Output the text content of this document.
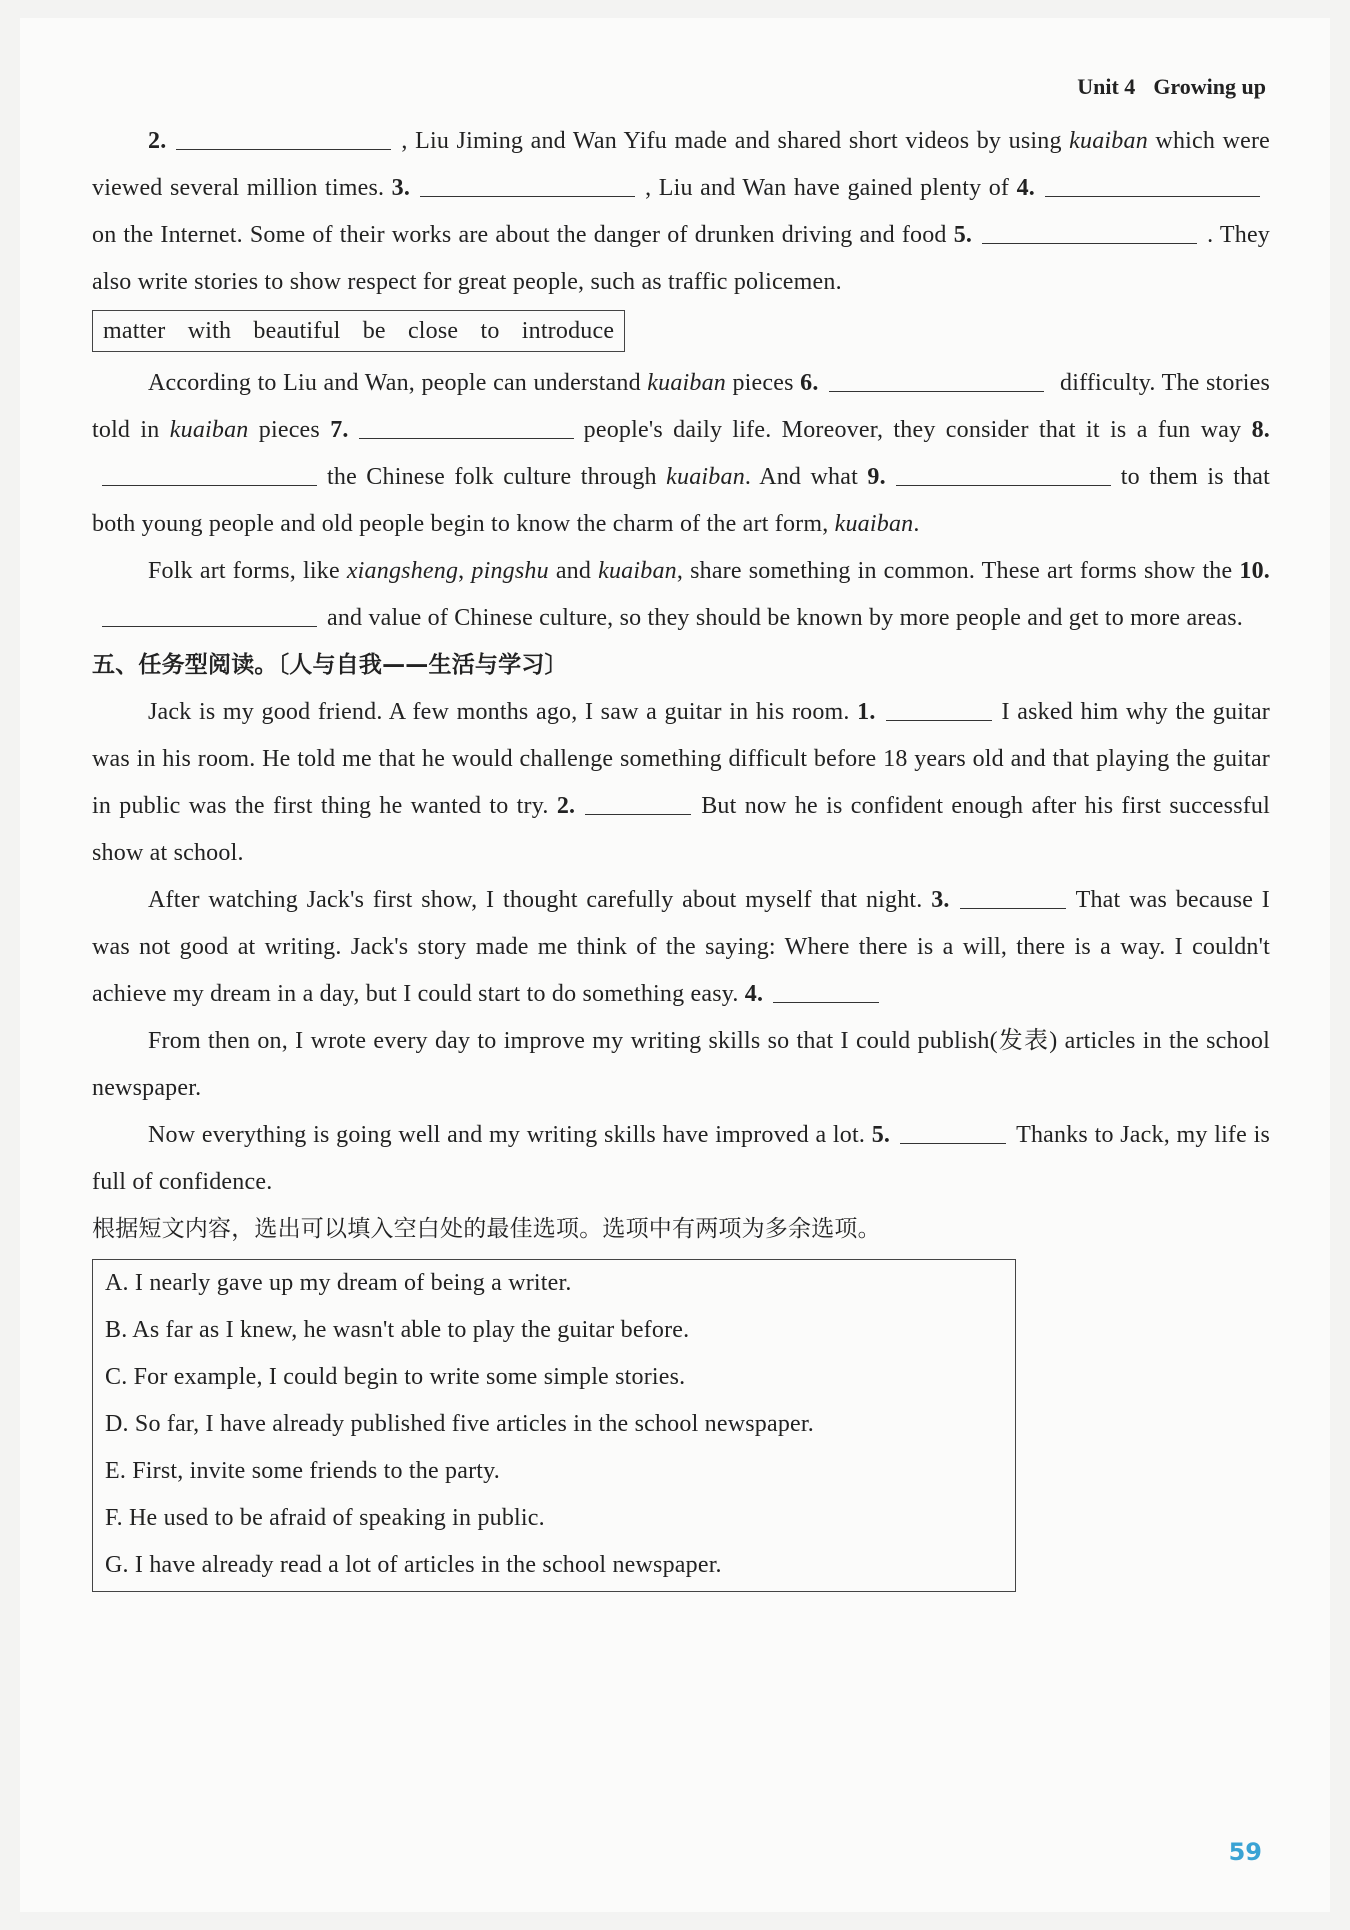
Unit 4 Growing up

2.	, Liu Jiming and Wan Yifu made and shared short videos by using kuaiban which were viewed several million times. 3.	, Liu and Wan have gained plenty of 4.on the Internet. Some of their works are about the danger of drunken driving and food 5.	. They also write stories to show respect for great people, such as traffic policemen.

matter with beautiful be close to introduce

According to Liu and Wan, people can understand kuaiban pieces 6.	difficulty. The stories told in kuaiban pieces 7.	people's daily life. Moreover, they consider that it is a fun way 8.the Chinese folk culture through kuaiban. And what 9.	to them is that both young people and old people begin to know the charm of the art form, kuaiban.

Folk art forms, like xiangsheng, pingshu and kuaiban, share something in common. These art forms show the 10.and value of Chinese culture, so they should be known by more people and get to more areas.

五、任务型阅读。〔人与自我——生活与学习〕

Jack is my good friend. A few months ago, I saw a guitar in his room. 1.	I asked him why the guitar was in his room. He told me that he would challenge something difficult before 18 years old and that playing the guitar in public was the first thing he wanted to try. 2.	But now he is confident enough after his first successful show at school.

After watching Jack's first show, I thought carefully about myself that night. 3.	That was because I was not good at writing. Jack's story made me think of the saying: Where there is a will, there is a way. I couldn't achieve my dream in a day, but I could start to do something easy. 4.

From then on, I wrote every day to improve my writing skills so that I could publish(发表) articles in the school newspaper.

Now everything is going well and my writing skills have improved a lot. 5.	Thanks to Jack, my life is full of confidence.

根据短文内容，选出可以填入空白处的最佳选项。选项中有两项为多余选项。

A. I nearly gave up my dream of being a writer.
B. As far as I knew, he wasn't able to play the guitar before.
C. For example, I could begin to write some simple stories.
D. So far, I have already published five articles in the school newspaper.
E. First, invite some friends to the party.
F. He used to be afraid of speaking in public.
G. I have already read a lot of articles in the school newspaper.
59
